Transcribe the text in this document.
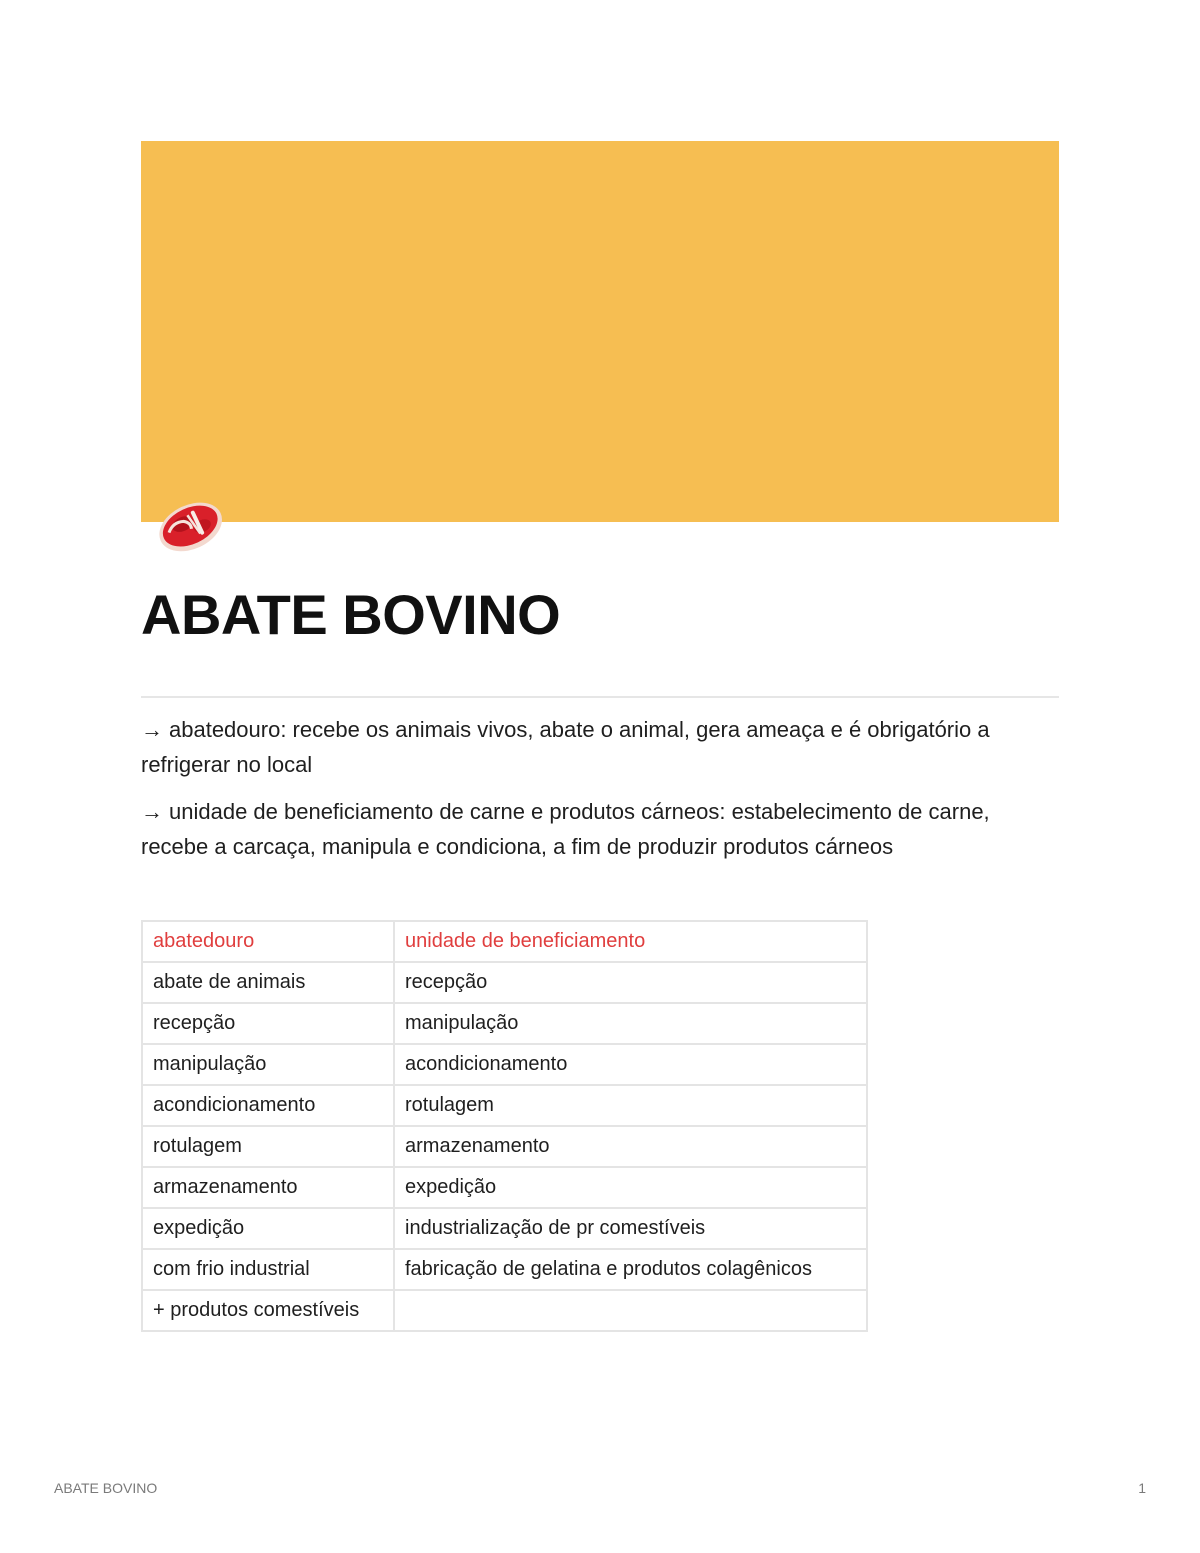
ABATE BOVINO

→ abatedouro: recebe os animais vivos, abate o animal, gera ameaça e é obrigatório a refrigerar no local

→ unidade de beneficiamento de carne e produtos cárneos: estabelecimento de carne, recebe a carcaça, manipula e condiciona, a fim de produzir produtos cárneos

abatedouro	unidade de beneficiamento
abate de animais	recepção
recepção	manipulação
manipulação	acondicionamento
acondicionamento	rotulagem
rotulagem	armazenamento
armazenamento	expedição
expedição	industrialização de pr comestíveis
com frio industrial	fabricação de gelatina e produtos colagênicos
+ produtos comestíveis	
ABATE BOVINO	1
